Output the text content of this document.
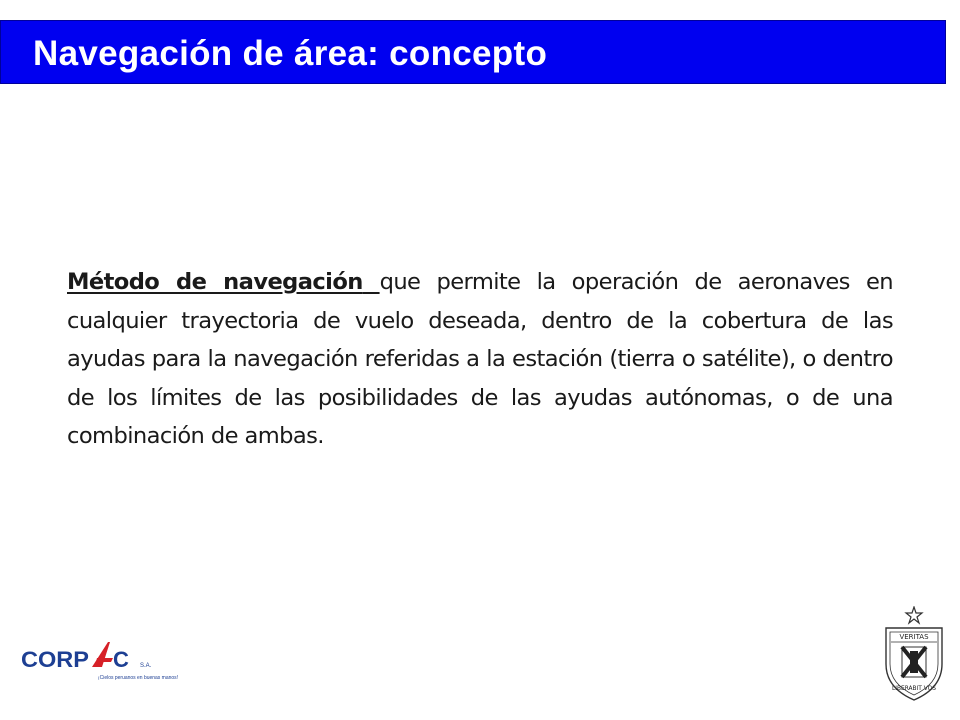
Navegación de área: concepto

Método de navegación que permite la operación de aeronaves en cualquier trayectoria de vuelo deseada, dentro de la cobertura de las ayudas para la navegación referidas a la estación (tierra o satélite), o dentro de los límites de las posibilidades de las ayudas autónomas, o de una combinación de ambas.

CORP C S.A.
¡Cielos peruanos en buenas manos!
VERITAS
LIBERABIT VOS
